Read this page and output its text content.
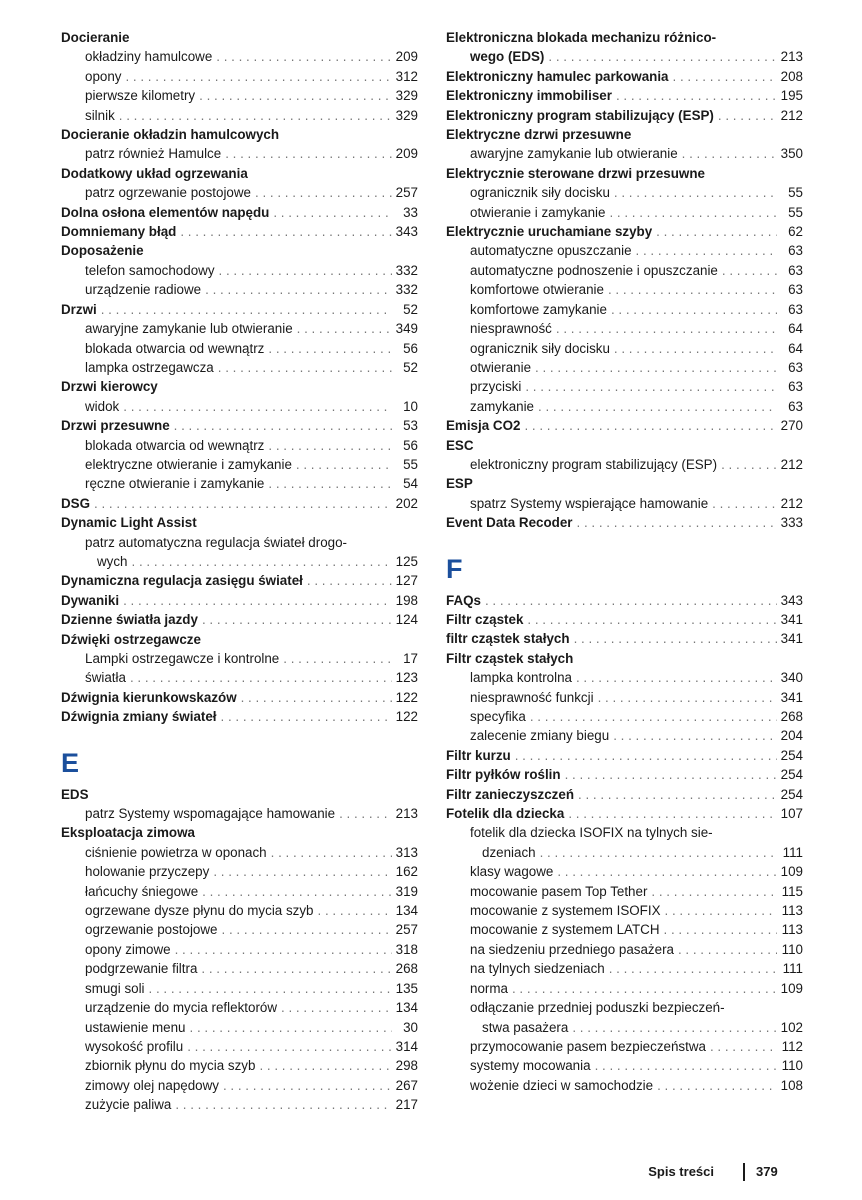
Docieranie
okładziny hamulcowe . . .	209
opony . . .	312
pierwsze kilometry . . .	329
silnik . . .	329
Docieranie okładzin hamulcowych
patrz również Hamulce . . .	209
Dodatkowy układ ogrzewania
patrz ogrzewanie postojowe . . .	257
Dolna osłona elementów napędu . . .	33
Domniemany błąd . . .	343
Doposażenie
telefon samochodowy . . .	332
urządzenie radiowe . . .	332
Drzwi . . .	52
awaryjne zamykanie lub otwieranie . . .	349
blokada otwarcia od wewnątrz . . .	56
lampka ostrzegawcza . . .	52
Drzwi kierowcy
widok . . .	10
Drzwi przesuwne . . .	53
blokada otwarcia od wewnątrz . . .	56
elektryczne otwieranie i zamykanie . . .	55
ręczne otwieranie i zamykanie . . .	54
DSG . . .	202
Dynamic Light Assist
patrz automatyczna regulacja świateł drogo-
wych . . .	125
Dynamiczna regulacja zasięgu świateł . . .	127
Dywaniki . . .	198
Dzienne światła jazdy . . .	124
Dźwięki ostrzegawcze
Lampki ostrzegawcze i kontrolne . . .	17
światła . . .	123
Dźwignia kierunkowskazów . . .	122
Dźwignia zmiany świateł . . .	122
E
EDS
patrz Systemy wspomagające hamowanie . . .	213
Eksploatacja zimowa
ciśnienie powietrza w oponach . . .	313
holowanie przyczepy . . .	162
łańcuchy śniegowe . . .	319
ogrzewane dysze płynu do mycia szyb . . .	134
ogrzewanie postojowe . . .	257
opony zimowe . . .	318
podgrzewanie filtra . . .	268
smugi soli . . .	135
urządzenie do mycia reflektorów . . .	134
ustawienie menu . . .	30
wysokość profilu . . .	314
zbiornik płynu do mycia szyb . . .	298
zimowy olej napędowy . . .	267
zużycie paliwa . . .	217
Elektroniczna blokada mechanizu różnico-
wego (EDS) . . .	213
Elektroniczny hamulec parkowania . . .	208
Elektroniczny immobiliser . . .	195
Elektroniczny program stabilizujący (ESP) . . .	212
Elektryczne dzrwi przesuwne
awaryjne zamykanie lub otwieranie . . .	350
Elektrycznie sterowane drzwi przesuwne
ogranicznik siły docisku . . .	55
otwieranie i zamykanie . . .	55
Elektrycznie uruchamiane szyby . . .	62
automatyczne opuszczanie . . .	63
automatyczne podnoszenie i opuszczanie . . .	63
komfortowe otwieranie . . .	63
komfortowe zamykanie . . .	63
niesprawność . . .	64
ogranicznik siły docisku . . .	64
otwieranie . . .	63
przyciski . . .	63
zamykanie . . .	63
Emisja CO2 . . .	270
ESC
elektroniczny program stabilizujący (ESP) . . .	212
ESP
spatrz Systemy wspierające hamowanie . . .	212
Event Data Recoder . . .	333
F
FAQs . . .	343
Filtr cząstek . . .	341
filtr cząstek stałych . . .	341
Filtr cząstek stałych
lampka kontrolna . . .	340
niesprawność funkcji . . .	341
specyfika . . .	268
zalecenie zmiany biegu . . .	204
Filtr kurzu . . .	254
Filtr pyłków roślin . . .	254
Filtr zanieczyszczeń . . .	254
Fotelik dla dziecka . . .	107
fotelik dla dziecka ISOFIX na tylnych sie-
dzeniach . . .	111
klasy wagowe . . .	109
mocowanie pasem Top Tether . . .	115
mocowanie z systemem ISOFIX . . .	113
mocowanie z systemem LATCH . . .	113
na siedzeniu przedniego pasażera . . .	110
na tylnych siedzeniach . . .	111
norma . . .	109
odłączanie przedniej poduszki bezpieczeń-
stwa pasażera . . .	102
przymocowanie pasem bezpieczeństwa . . .	112
systemy mocowania . . .	110
wożenie dzieci w samochodzie . . .	108
Spis treści	379
